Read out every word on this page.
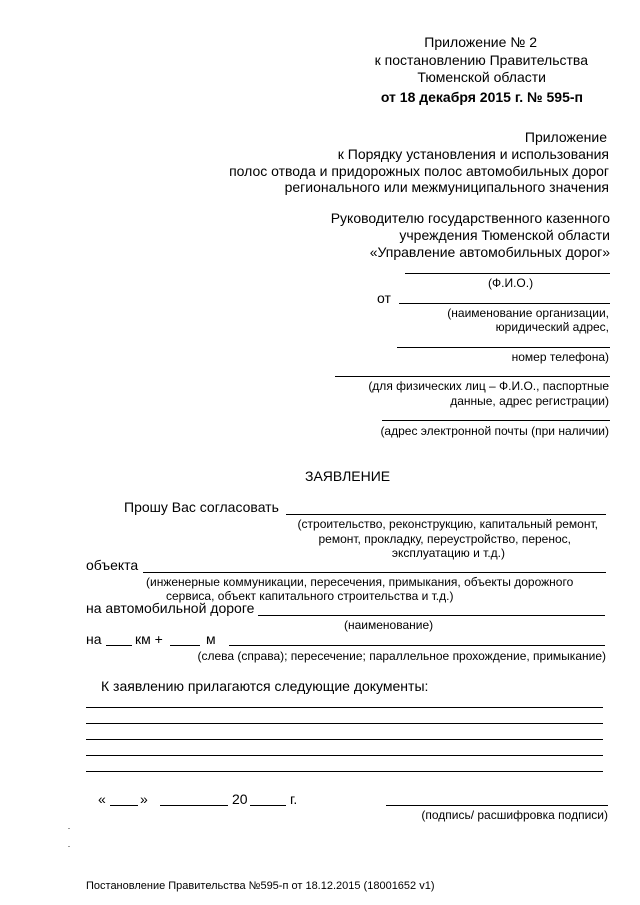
Приложение № 2
к постановлению Правительства
Тюменской области
от 18 декабря 2015 г. № 595-п
Приложение
к Порядку установления и использования
полос отвода и придорожных полос автомобильных дорог
регионального или межмуниципального значения
Руководителю государственного казенного
учреждения Тюменской области
«Управление автомобильных дорог»
(Ф.И.О.)
от
(наименование организации,
юридический адрес,
номер телефона)
(для физических лиц – Ф.И.О., паспортные
данные, адрес регистрации)
(адрес электронной почты (при наличии)
ЗАЯВЛЕНИЕ
Прошу Вас согласовать
(строительство, реконструкцию, капитальный ремонт,
ремонт, прокладку, переустройство, перенос,
эксплуатацию и т.д.)
объекта
(инженерные коммуникации, пересечения, примыкания, объекты дорожного
сервиса, объект капитального строительства и т.д.)
на автомобильной дороге
(наименование)
на км +	м
(слева (справа); пересечение; параллельное прохождение, примыкание)
К заявлению прилагаются следующие документы:
« »	20	г.
(подпись/ расшифровка подписи)
Постановление Правительства №595-п от 18.12.2015 (18001652 v1)
